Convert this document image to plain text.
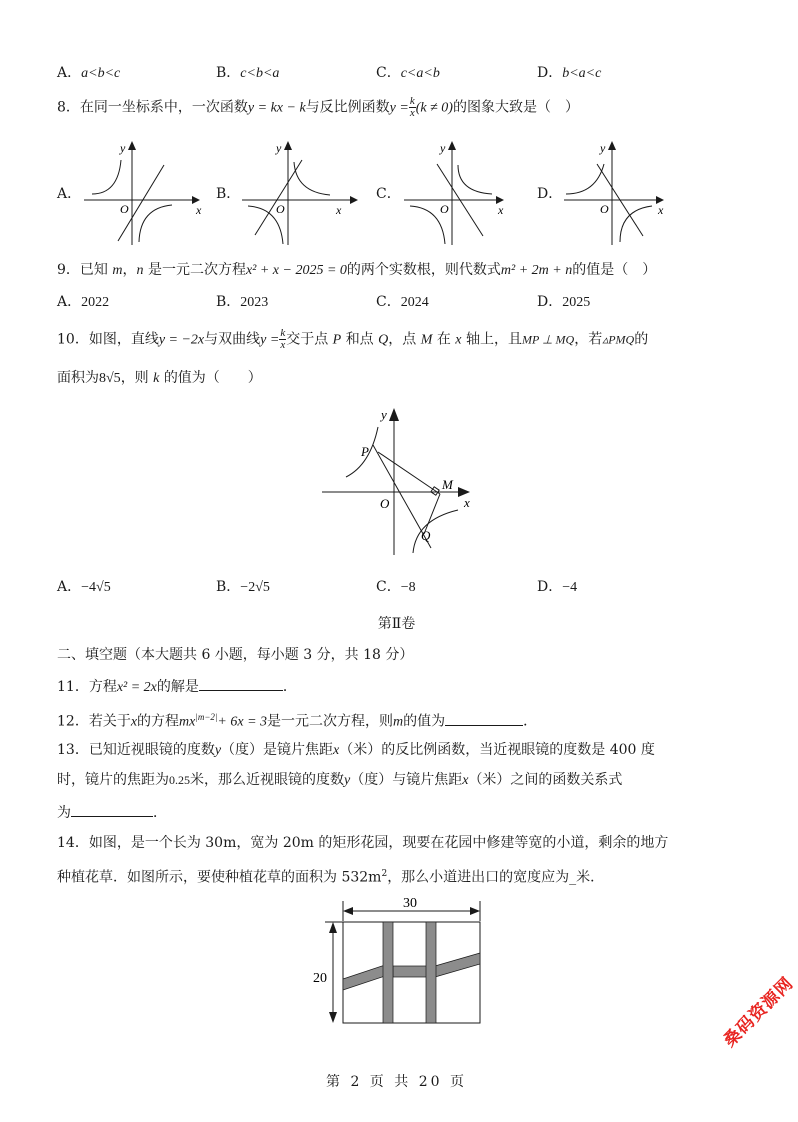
A．a<b<c	B．c<b<a	C．c<a<b	D．b<a<c
8．在同一坐标系中，一次函数y = kx − k与反比例函数$y = \frac{k}{x} (k \ne 0)$的图象大致是（　）
A．
y
x
O
B．
y
x
O
C．
y
x
O
D．
y
x
O
9．已知 m，n 是一元二次方程x² + x − 2025 = 0的两个实数根，则代数式m² + 2m + n的值是（　）
A．2022	B．2023	C．2024	D．2025
10．如图，直线y = −2x与双曲线$y = \frac{k}{x}$ 交于点 P 和点 Q，点 M 在 x 轴上，且MP ⊥ MQ，若▵PMQ的
面积为8√5，则 k 的值为（　　）
y
x
O
P
M
Q
A．−4√5	B．−2√5	C．−8	D．−4
第Ⅱ卷
二、填空题（本大题共 6 小题，每小题 3 分，共 18 分）
11．方程x² = 2x的解是	．
12．若关于x的方程$mx^{|m-2|}+ 6x = 3$是一元二次方程，则m的值为	．
13．已知近视眼镜的度数y（度）是镜片焦距x（米）的反比例函数，当近视眼镜的度数是 400 度
时，镜片的焦距为0.25米，那么近视眼镜的度数y（度）与镜片焦距x（米）之间的函数关系式
为	．
14．如图，是一个长为 30m，宽为 20m 的矩形花园，现要在花园中修建等宽的小道，剩余的地方
种植花草．如图所示，要使种植花草的面积为 $532m^2$，那么小道进出口的宽度应为_米．
30
20	桑码资源网
第 2 页 共 20 页
